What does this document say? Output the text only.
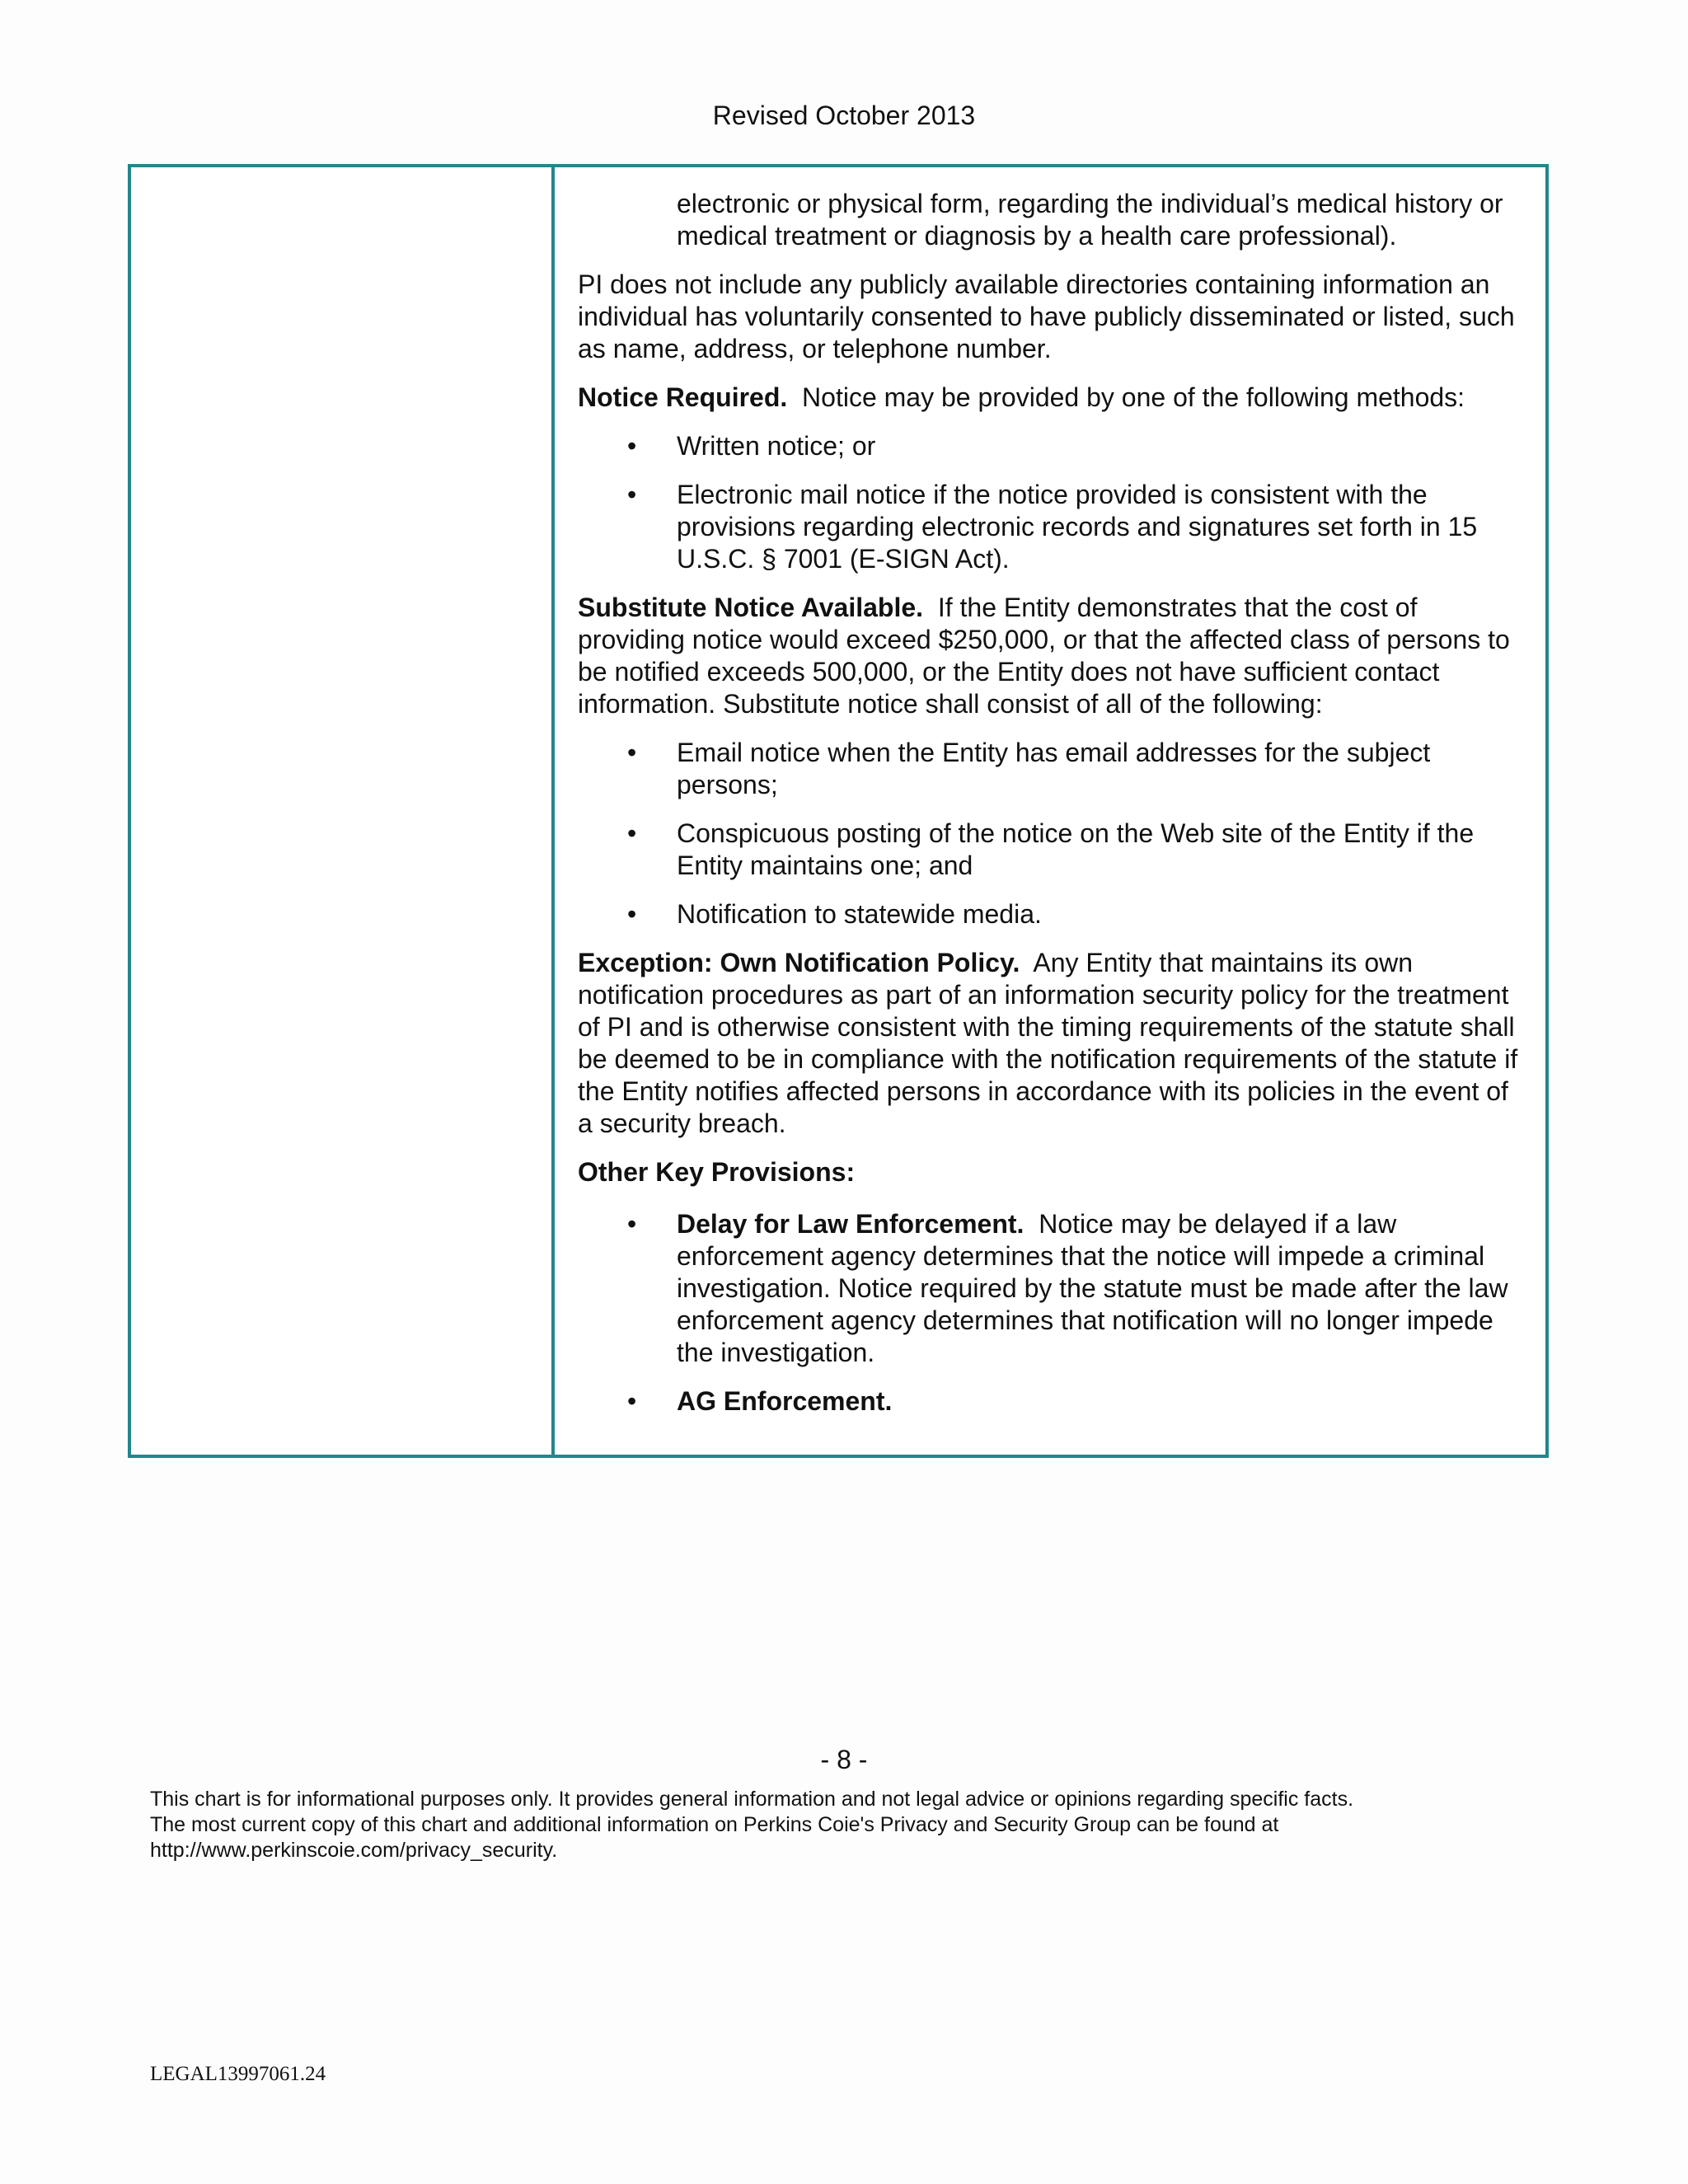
Revised October 2013

electronic or physical form, regarding the individual’s medical history or medical treatment or diagnosis by a health care professional).

PI does not include any publicly available directories containing information an individual has voluntarily consented to have publicly disseminated or listed, such as name, address, or telephone number.

Notice Required. Notice may be provided by one of the following methods:

• Written notice; or
• Electronic mail notice if the notice provided is consistent with the provisions regarding electronic records and signatures set forth in 15 U.S.C. § 7001 (E-SIGN Act).

Substitute Notice Available. If the Entity demonstrates that the cost of providing notice would exceed $250,000, or that the affected class of persons to be notified exceeds 500,000, or the Entity does not have sufficient contact information. Substitute notice shall consist of all of the following:

• Email notice when the Entity has email addresses for the subject persons;
• Conspicuous posting of the notice on the Web site of the Entity if the Entity maintains one; and
• Notification to statewide media.

Exception: Own Notification Policy. Any Entity that maintains its own notification procedures as part of an information security policy for the treatment of PI and is otherwise consistent with the timing requirements of the statute shall be deemed to be in compliance with the notification requirements of the statute if the Entity notifies affected persons in accordance with its policies in the event of a security breach.

Other Key Provisions:

• Delay for Law Enforcement. Notice may be delayed if a law enforcement agency determines that the notice will impede a criminal investigation. Notice required by the statute must be made after the law enforcement agency determines that notification will no longer impede the investigation.
• AG Enforcement.
- 8 -
This chart is for informational purposes only. It provides general information and not legal advice or opinions regarding specific facts.
The most current copy of this chart and additional information on Perkins Coie's Privacy and Security Group can be found at
http://www.perkinscoie.com/privacy_security.
LEGAL13997061.24
